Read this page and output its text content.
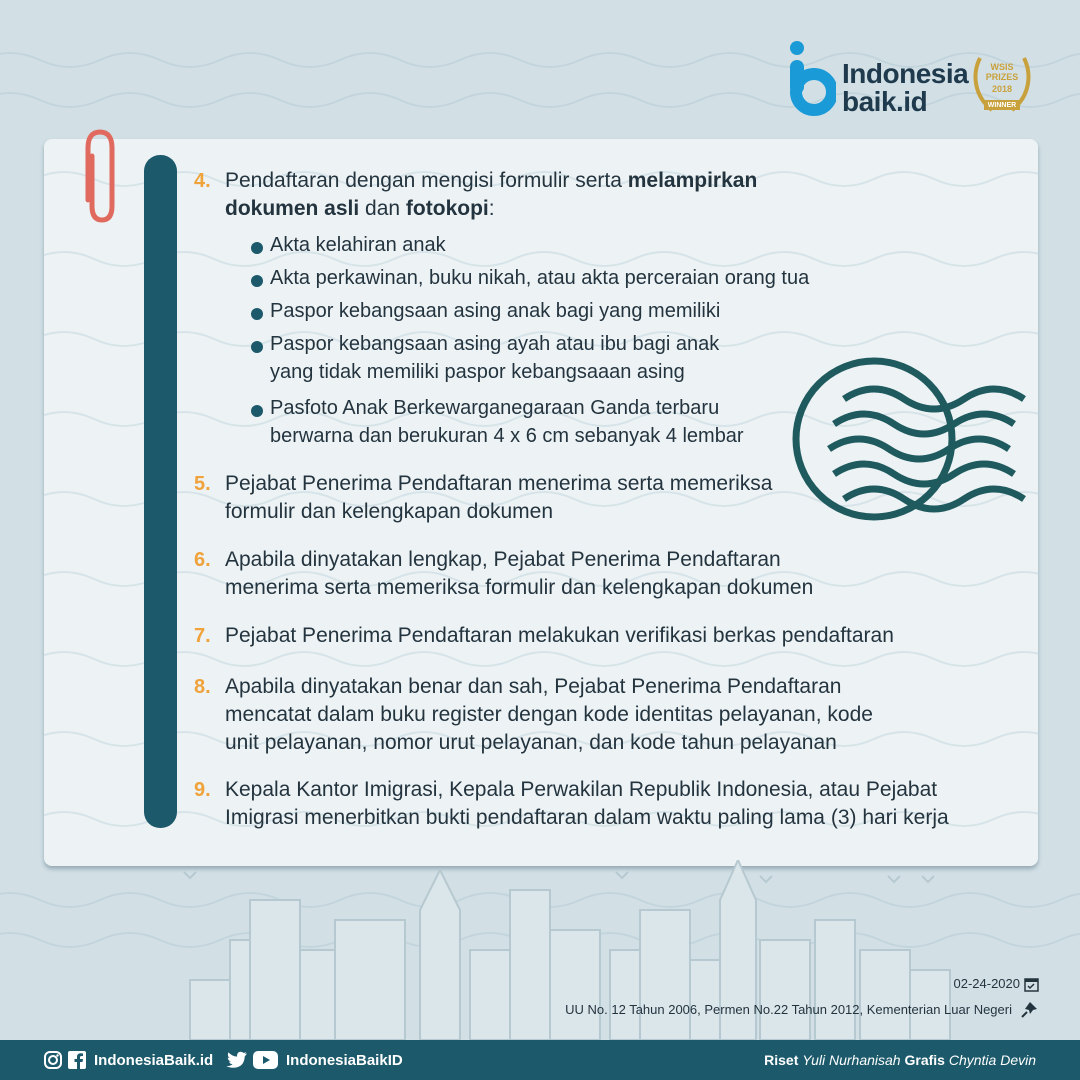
Indonesia
baik.id
WSIS
PRIZES
2018
WINNER
4. Pendaftaran dengan mengisi formulir serta melampirkan
dokumen asli dan fotokopi:
Akta kelahiran anak
Akta perkawinan, buku nikah, atau akta perceraian orang tua
Paspor kebangsaan asing anak bagi yang memiliki
Paspor kebangsaan asing ayah atau ibu bagi anak
yang tidak memiliki paspor kebangsaaan asing
Pasfoto Anak Berkewarganegaraan Ganda terbaru
berwarna dan berukuran 4 x 6 cm sebanyak 4 lembar
5. Pejabat Penerima Pendaftaran menerima serta memeriksa
formulir dan kelengkapan dokumen
6. Apabila dinyatakan lengkap, Pejabat Penerima Pendaftaran
menerima serta memeriksa formulir dan kelengkapan dokumen
7. Pejabat Penerima Pendaftaran melakukan verifikasi berkas pendaftaran
8. Apabila dinyatakan benar dan sah, Pejabat Penerima Pendaftaran
mencatat dalam buku register dengan kode identitas pelayanan, kode
unit pelayanan, nomor urut pelayanan, dan kode tahun pelayanan
9. Kepala Kantor Imigrasi, Kepala Perwakilan Republik Indonesia, atau Pejabat
Imigrasi menerbitkan bukti pendaftaran dalam waktu paling lama (3) hari kerja
02-24-2020
UU No. 12 Tahun 2006, Permen No.22 Tahun 2012, Kementerian Luar Negeri
IndonesiaBaik.id	IndonesiaBaikID	Riset Yuli Nurhanisah Grafis Chyntia Devin
